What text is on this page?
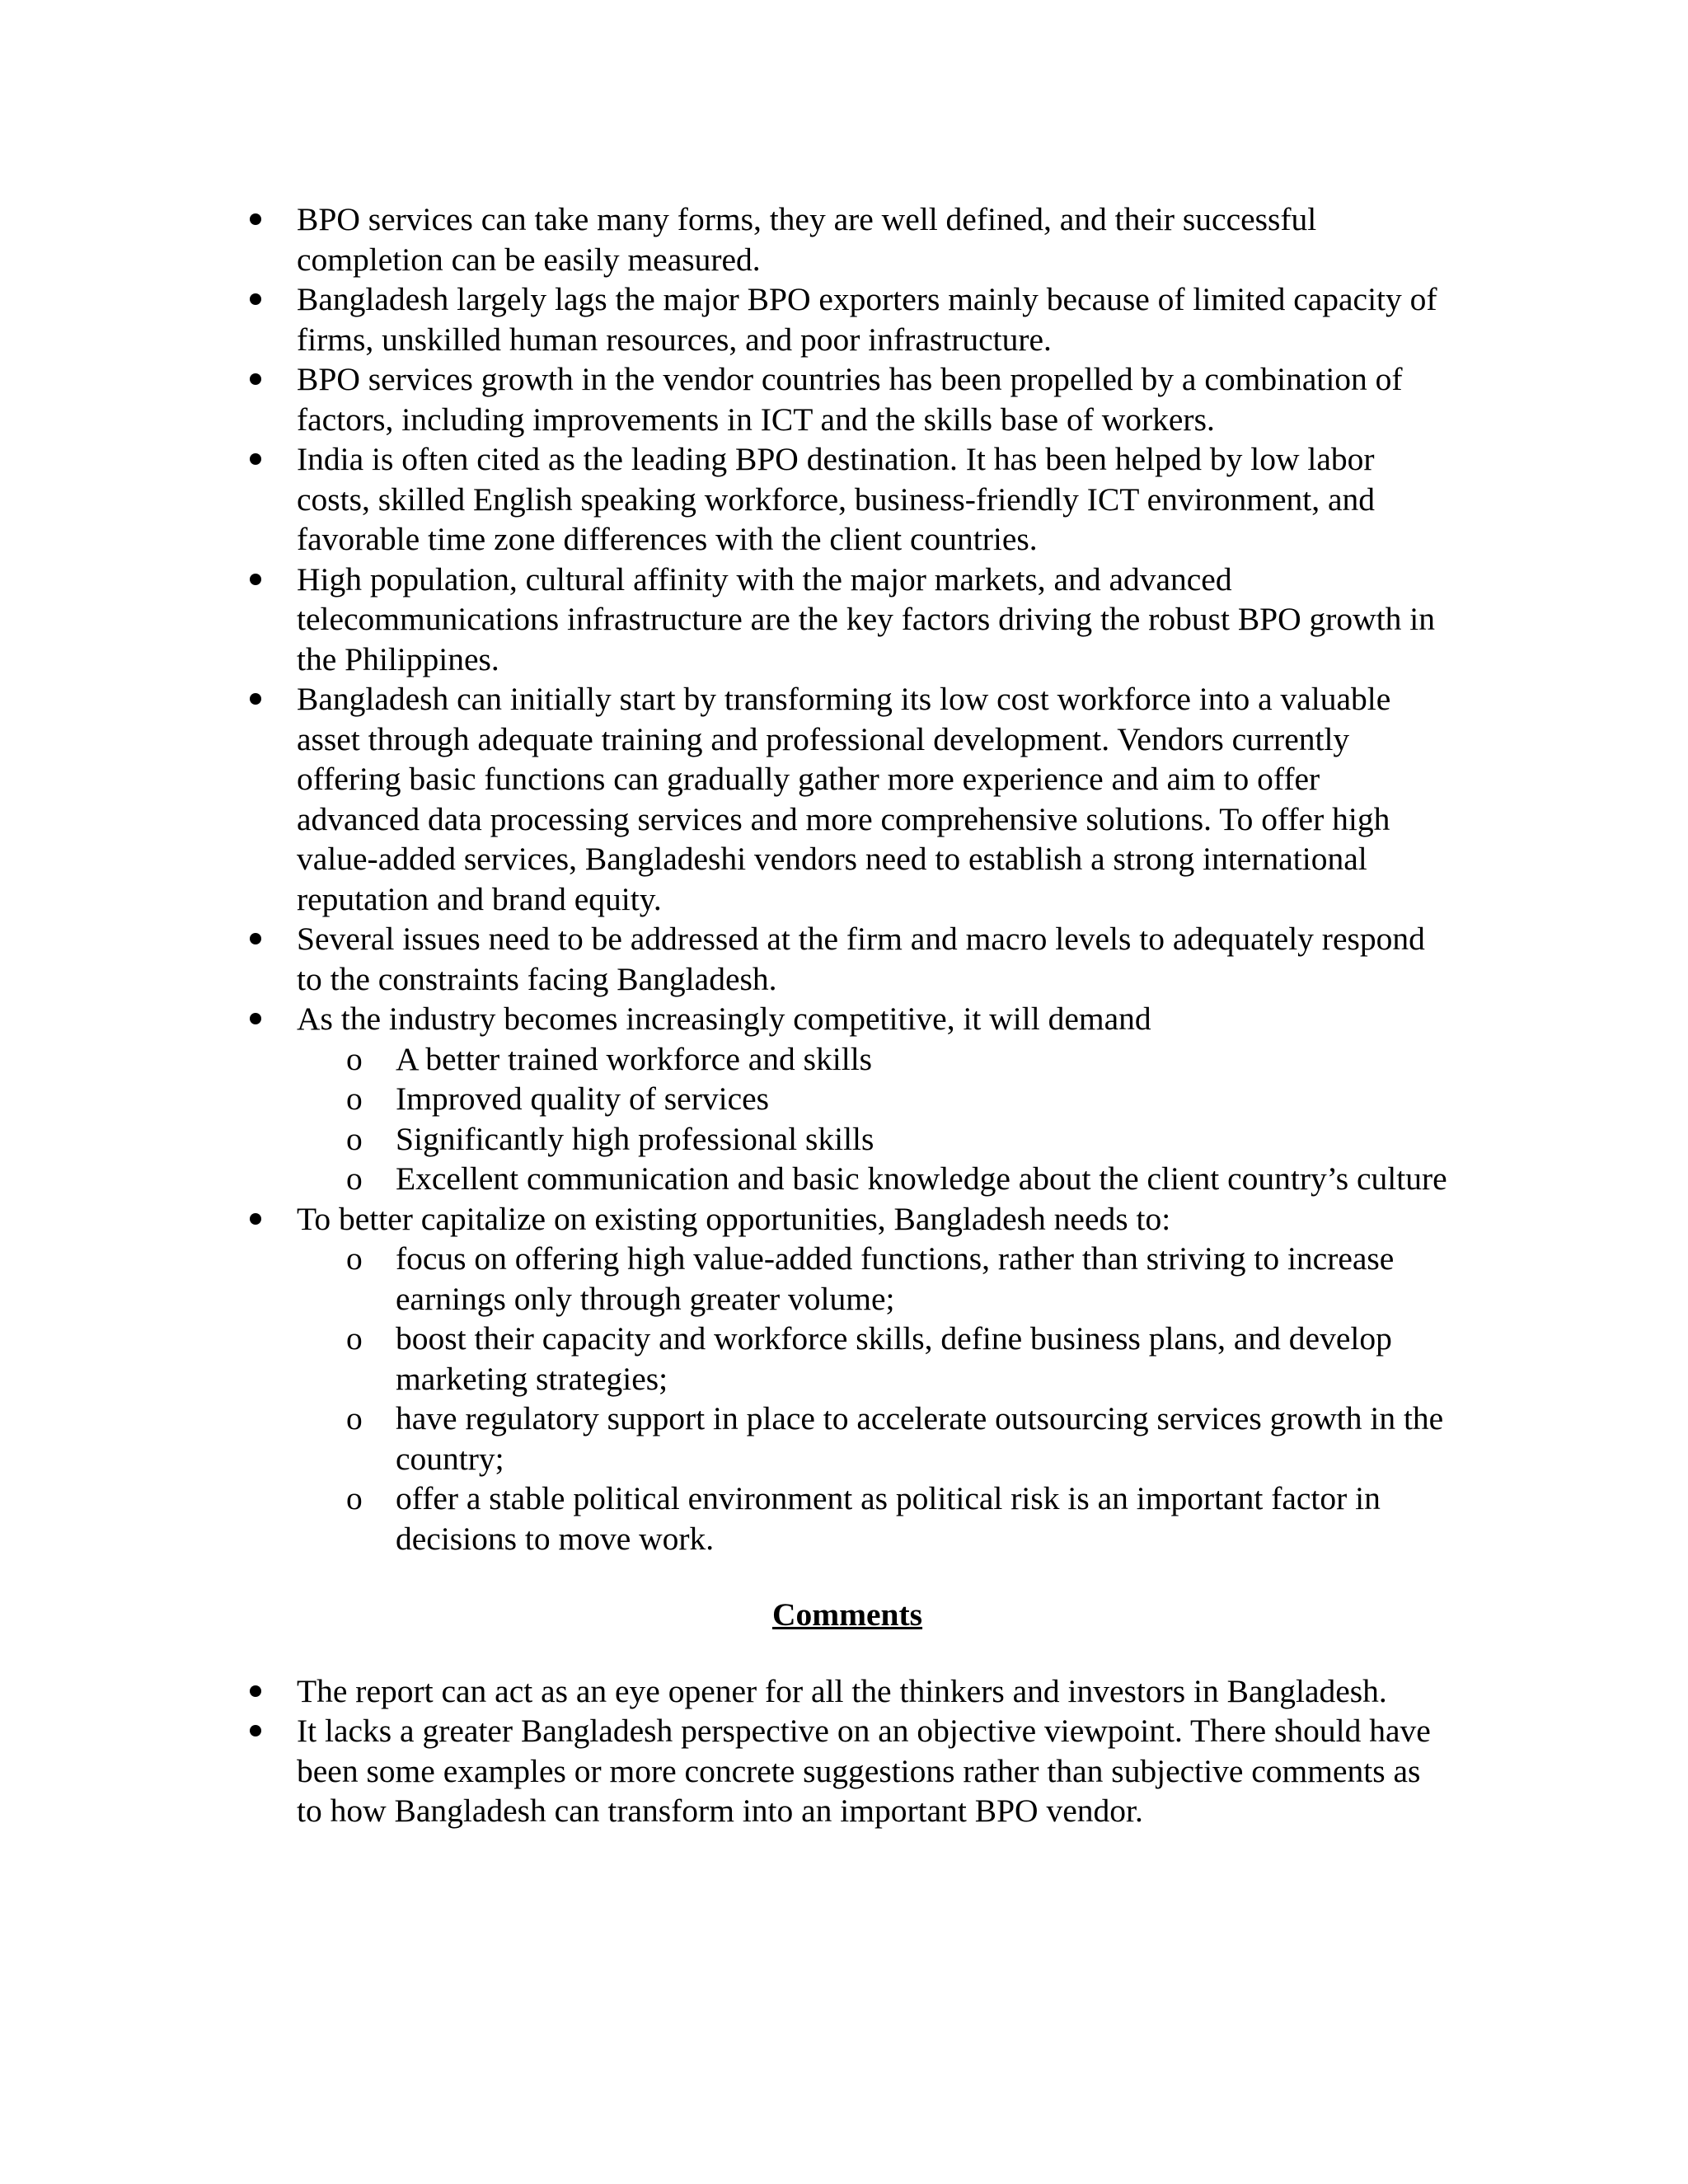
BPO services can take many forms, they are well defined, and their successful completion can be easily measured.
Bangladesh largely lags the major BPO exporters mainly because of limited capacity of firms, unskilled human resources, and poor infrastructure.
BPO services growth in the vendor countries has been propelled by a combination of factors, including improvements in ICT and the skills base of workers.
India is often cited as the leading BPO destination. It has been helped by low labor costs, skilled English speaking workforce, business-friendly ICT environment, and favorable time zone differences with the client countries.
High population, cultural affinity with the major markets, and advanced telecommunications infrastructure are the key factors driving the robust BPO growth in the Philippines.
Bangladesh can initially start by transforming its low cost workforce into a valuable asset through adequate training and professional development. Vendors currently offering basic functions can gradually gather more experience and aim to offer advanced data processing services and more comprehensive solutions. To offer high value-added services, Bangladeshi vendors need to establish a strong international reputation and brand equity.
Several issues need to be addressed at the firm and macro levels to adequately respond to the constraints facing Bangladesh.
As the industry becomes increasingly competitive, it will demand
o	A better trained workforce and skills
o	Improved quality of services
o	Significantly high professional skills
o	Excellent communication and basic knowledge about the client country’s culture
To better capitalize on existing opportunities, Bangladesh needs to:
o	focus on offering high value-added functions, rather than striving to increase earnings only through greater volume;
o	boost their capacity and workforce skills, define business plans, and develop marketing strategies;
o	have regulatory support in place to accelerate outsourcing services growth in the country;
o	offer a stable political environment as political risk is an important factor in decisions to move work.
Comments
The report can act as an eye opener for all the thinkers and investors in Bangladesh.
It lacks a greater Bangladesh perspective on an objective viewpoint. There should have been some examples or more concrete suggestions rather than subjective comments as to how Bangladesh can transform into an important BPO vendor.
